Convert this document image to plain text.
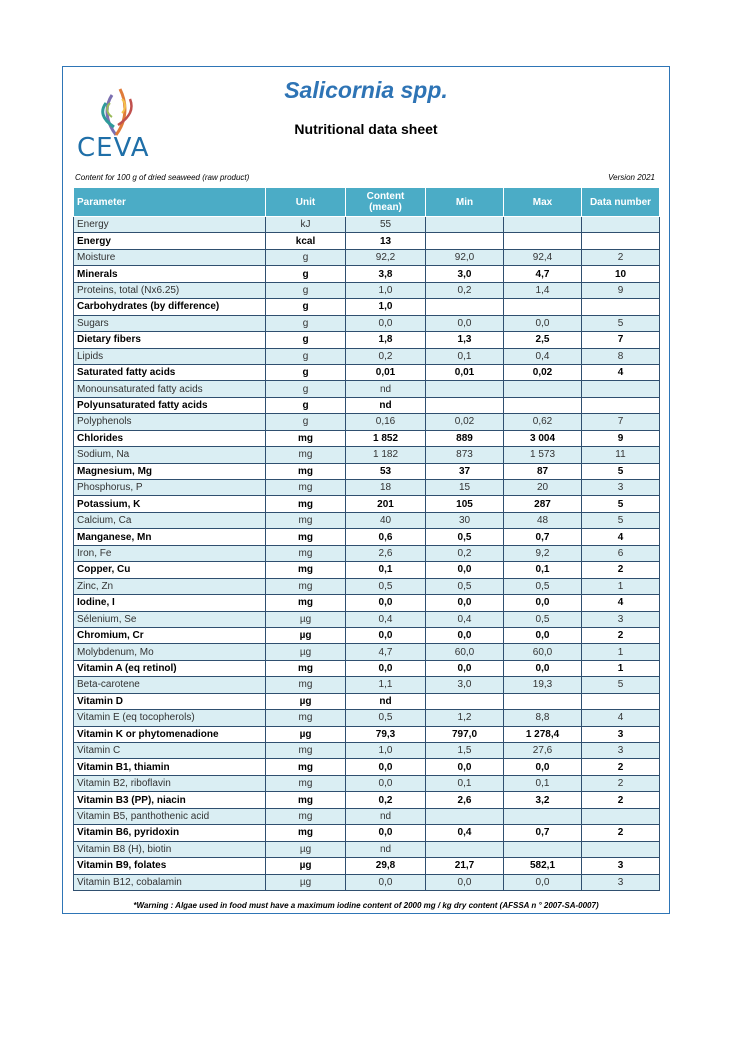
CEVA
Salicornia spp.
Nutritional data sheet
Content for 100 g of dried seaweed (raw product)	Version 2021
Parameter	Unit	Content (mean)	Min	Max	Data number
Energy	kJ	55			
Energy	kcal	13			
Moisture	g	92,2	92,0	92,4	2
Minerals	g	3,8	3,0	4,7	10
Proteins, total (Nx6.25)	g	1,0	0,2	1,4	9
Carbohydrates (by difference)	g	1,0			
Sugars	g	0,0	0,0	0,0	5
Dietary fibers	g	1,8	1,3	2,5	7
Lipids	g	0,2	0,1	0,4	8
Saturated fatty acids	g	0,01	0,01	0,02	4
Monounsaturated fatty acids	g	nd			
Polyunsaturated fatty acids	g	nd			
Polyphenols	g	0,16	0,02	0,62	7
Chlorides	mg	1 852	889	3 004	9
Sodium, Na	mg	1 182	873	1 573	11
Magnesium, Mg	mg	53	37	87	5
Phosphorus, P	mg	18	15	20	3
Potassium, K	mg	201	105	287	5
Calcium, Ca	mg	40	30	48	5
Manganese, Mn	mg	0,6	0,5	0,7	4
Iron, Fe	mg	2,6	0,2	9,2	6
Copper, Cu	mg	0,1	0,0	0,1	2
Zinc, Zn	mg	0,5	0,5	0,5	1
Iodine, I	mg	0,0	0,0	0,0	4
Sélenium, Se	µg	0,4	0,4	0,5	3
Chromium, Cr	µg	0,0	0,0	0,0	2
Molybdenum, Mo	µg	4,7	60,0	60,0	1
Vitamin A (eq retinol)	mg	0,0	0,0	0,0	1
Beta-carotene	mg	1,1	3,0	19,3	5
Vitamin D	µg	nd			
Vitamin E (eq tocopherols)	mg	0,5	1,2	8,8	4
Vitamin K or phytomenadione	µg	79,3	797,0	1 278,4	3
Vitamin C	mg	1,0	1,5	27,6	3
Vitamin B1, thiamin	mg	0,0	0,0	0,0	2
Vitamin B2, riboflavin	mg	0,0	0,1	0,1	2
Vitamin B3 (PP), niacin	mg	0,2	2,6	3,2	2
Vitamin B5, panthothenic acid	mg	nd			
Vitamin B6, pyridoxin	mg	0,0	0,4	0,7	2
Vitamin B8 (H), biotin	µg	nd			
Vitamin B9, folates	µg	29,8	21,7	582,1	3
Vitamin B12, cobalamin	µg	0,0	0,0	0,0	3
*Warning : Algae used in food must have a maximum iodine content of 2000 mg / kg dry content (AFSSA n ° 2007-SA-0007)
